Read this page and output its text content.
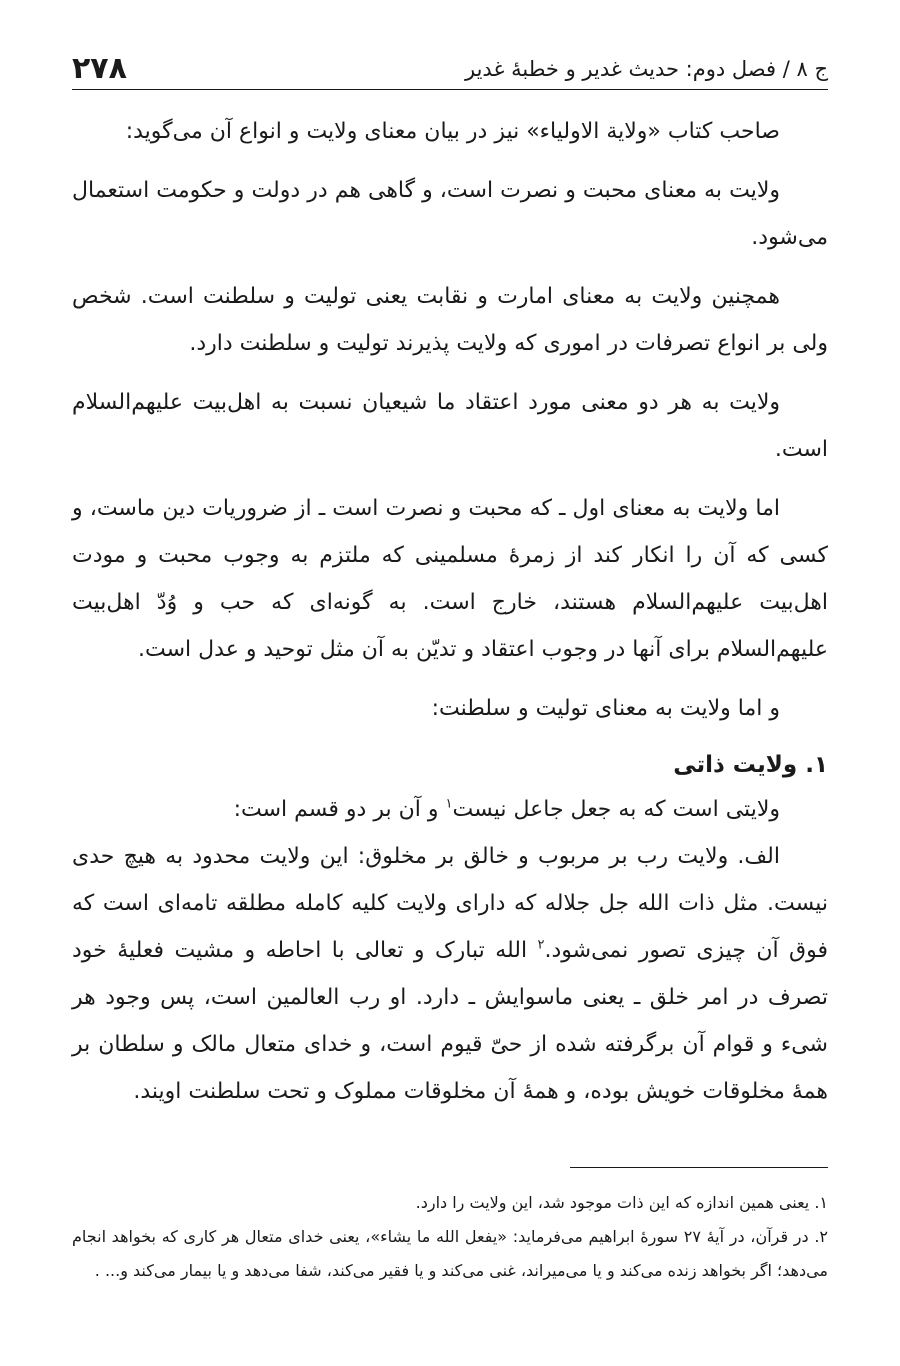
ج ۸ / فصل دوم: حدیث غدیر و خطبهٔ غدیر
۲۷۸

صاحب کتاب «ولایة الاولیاء» نیز در بیان معنای ولایت و انواع آن می‌گوید:

ولایت به معنای محبت و نصرت است، و گاهی هم در دولت و حکومت استعمال می‌شود.

همچنین ولایت به معنای امارت و نقابت یعنی تولیت و سلطنت است. شخص ولی بر انواع تصرفات در اموری که ولایت پذیرند تولیت و سلطنت دارد.

ولایت به هر دو معنی مورد اعتقاد ما شیعیان نسبت به اهل‌بیت علیهم‌السلام است.

اما ولایت به معنای اول ـ که محبت و نصرت است ـ از ضروریات دین ماست، و کسی که آن را انکار کند از زمرهٔ مسلمینی که ملتزم به وجوب محبت و مودت اهل‌بیت علیهم‌السلام هستند، خارج است. به گونه‌ای که حب و وُدّ اهل‌بیت علیهم‌السلام برای آنها در وجوب اعتقاد و تدیّن به آن مثل توحید و عدل است.

و اما ولایت به معنای تولیت و سلطنت:

۱. ولایت ذاتی

ولایتی است که به جعل جاعل نیست$^۱$ و آن بر دو قسم است:

الف. ولایت رب بر مربوب و خالق بر مخلوق: این ولایت محدود به هیچ حدی نیست. مثل ذات الله جل جلاله که دارای ولایت کلیه کامله مطلقه تامه‌ای است که فوق آن چیزی تصور نمی‌شود.$^۲$ الله تبارک و تعالی با احاطه و مشیت فعلیهٔ خود تصرف در امر خلق ـ یعنی ماسوایش ـ دارد. او رب العالمین است، پس وجود هر شیء و قوام آن برگرفته شده از حیّ قیوم است، و خدای متعال مالک و سلطان بر همهٔ مخلوقات خویش بوده، و همهٔ آن مخلوقات مملوک و تحت سلطنت اویند.

۱. یعنی همین اندازه که این ذات موجود شد، این ولایت را دارد.

۲. در قرآن، در آیهٔ ۲۷ سورهٔ ابراهیم می‌فرماید: «یفعل الله ما یشاء»، یعنی خدای متعال هر کاری که بخواهد انجام می‌دهد؛ اگر بخواهد زنده می‌کند و یا می‌میراند، غنی می‌کند و یا فقیر می‌کند، شفا می‌دهد و یا بیمار می‌کند و... .
